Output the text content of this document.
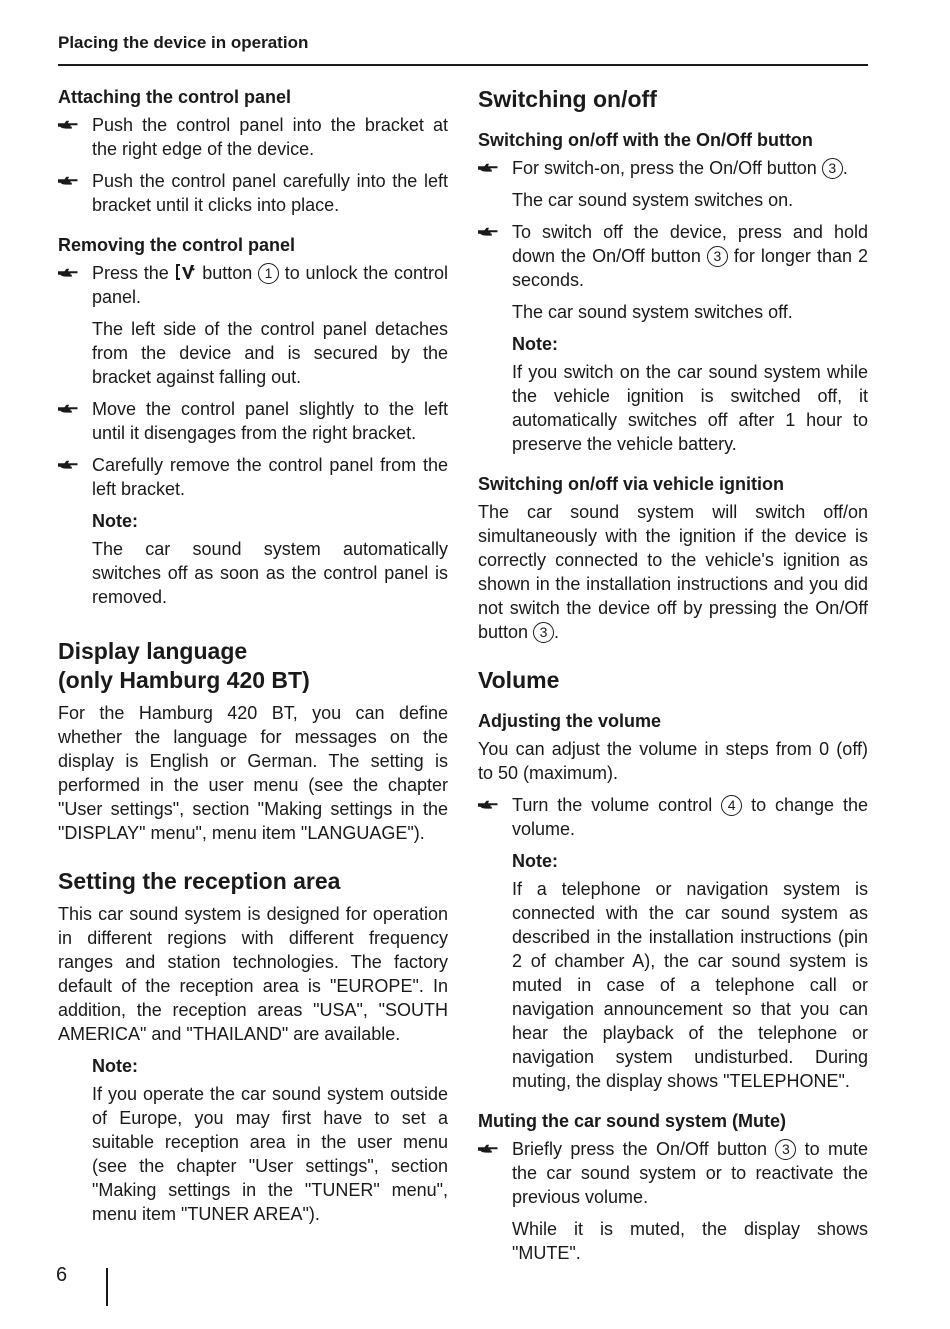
Placing the device in operation
Attaching the control panel
Push the control panel into the bracket at the right edge of the device.
Push the control panel carefully into the left bracket until it clicks into place.
Removing the control panel
Press the  button 1 to unlock the control panel.
The left side of the control panel detaches from the device and is secured by the bracket against falling out.
Move the control panel slightly to the left until it disengages from the right bracket.
Carefully remove the control panel from the left bracket.
Note:
The car sound system automatically switches off as soon as the control panel is removed.
Display language
(only Hamburg 420 BT)

For the Hamburg 420 BT, you can define whether the language for messages on the display is English or German. The setting is performed in the user menu (see the chapter "User settings", section "Making settings in the "DISPLAY" menu", menu item "LANGUAGE").

Setting the reception area

This car sound system is designed for operation in different regions with different frequency ranges and station technologies. The factory default of the reception area is "EUROPE". In addition, the reception areas "USA", "SOUTH AMERICA" and "THAILAND" are available.

Note:
If you operate the car sound system outside of Europe, you may first have to set a suitable reception area in the user menu (see the chapter "User settings", section "Making settings in the "TUNER" menu", menu item "TUNER AREA").
Switching on/off
Switching on/off with the On/Off button
For switch-on, press the On/Off button 3 .
The car sound system switches on.
To switch off the device, press and hold down the On/Off button 3 for longer than 2 seconds.
The car sound system switches off.
Note:
If you switch on the car sound system while the vehicle ignition is switched off, it automatically switches off after 1 hour to preserve the vehicle battery.
Switching on/off via vehicle ignition

The car sound system will switch off/on simultaneously with the ignition if the device is correctly connected to the vehicle's ignition as shown in the installation instructions and you did not switch the device off by pressing the On/Off button 3 .

Volume
Adjusting the volume

You can adjust the volume in steps from 0 (off) to 50 (maximum).

Turn the volume control 4 to change the volume.
Note:
If a telephone or navigation system is connected with the car sound system as described in the installation instructions (pin 2 of chamber A), the car sound system is muted in case of a telephone call or navigation announcement so that you can hear the playback of the telephone or navigation system undisturbed. During muting, the display shows "TELEPHONE".
Muting the car sound system (Mute)
Briefly press the On/Off button 3 to mute the car sound system or to reactivate the previous volume.
While it is muted, the display shows "MUTE".
6
